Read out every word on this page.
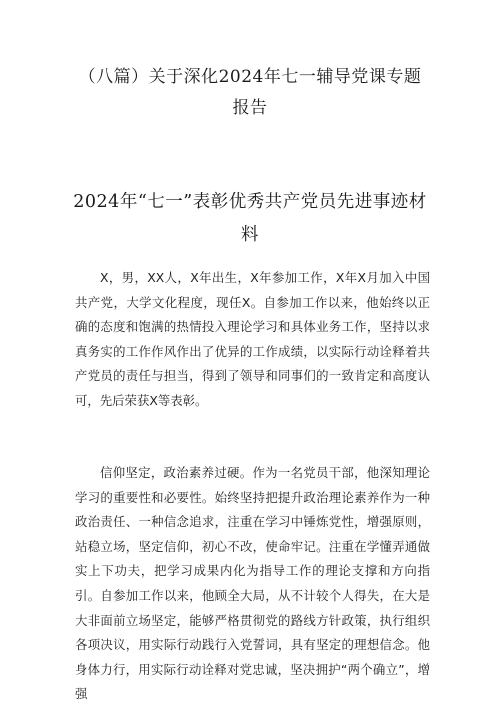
（八篇）关于深化2024年七一辅导党课专题报告
2024年“七一”表彰优秀共产党员先进事迹材料

X，男，XX人，X年出生，X年参加工作，X年X月加入中国共产党，大学文化程度，现任X。自参加工作以来，他始终以正确的态度和饱满的热情投入理论学习和具体业务工作，坚持以求真务实的工作作风作出了优异的工作成绩，以实际行动诠释着共产党员的责任与担当，得到了领导和同事们的一致肯定和高度认可，先后荣获X等表彰。

信仰坚定，政治素养过硬。作为一名党员干部，他深知理论学习的重要性和必要性。始终坚持把提升政治理论素养作为一种政治责任、一种信念追求，注重在学习中锤炼党性，增强原则，站稳立场，坚定信仰，初心不改，使命牢记。注重在学懂弄通做实上下功夫，把学习成果内化为指导工作的理论支撑和方向指引。自参加工作以来，他顾全大局，从不计较个人得失，在大是大非面前立场坚定，能够严格贯彻党的路线方针政策，执行组织各项决议，用实际行动践行入党誓词，具有坚定的理想信念。他身体力行，用实际行动诠释对党忠诚，坚决拥护“两个确立”，增强
